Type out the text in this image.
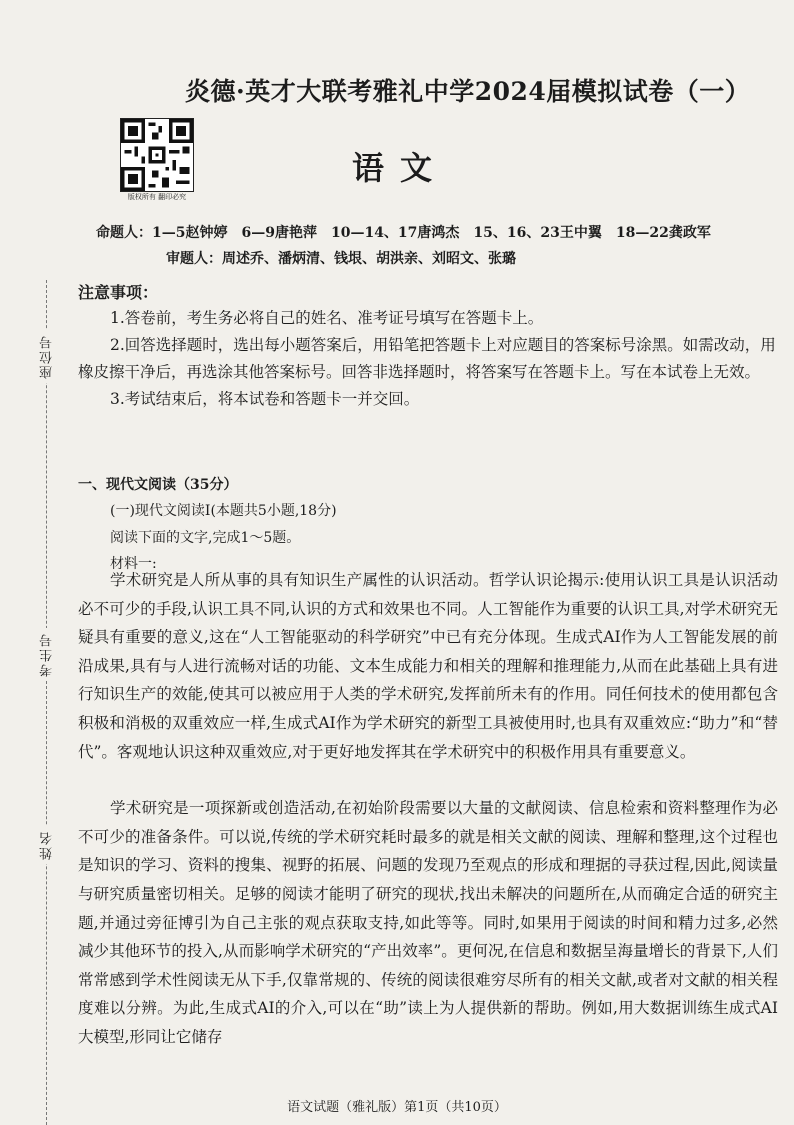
炎德·英才大联考雅礼中学2024届模拟试卷（一）
版权所有 翻印必究
语文
命题人：1—5赵钟婷　6—9唐艳萍　10—14、17唐鸿杰　15、16、23王中翼　18—22龚政军
审题人：周述乔、潘炳清、钱垠、胡洪亲、刘昭文、张璐
座位号
考生号
姓名
注意事项：

1.答卷前，考生务必将自己的姓名、准考证号填写在答题卡上。

2.回答选择题时，选出每小题答案后，用铅笔把答题卡上对应题目的答案标号涂黑。如需改动，用橡皮擦干净后，再选涂其他答案标号。回答非选择题时，将答案写在答题卡上。写在本试卷上无效。

3.考试结束后，将本试卷和答题卡一并交回。

一、现代文阅读（35分）
(一)现代文阅读Ⅰ(本题共5小题,18分)
阅读下面的文字,完成1～5题。
材料一:

学术研究是人所从事的具有知识生产属性的认识活动。哲学认识论揭示:使用认识工具是认识活动必不可少的手段,认识工具不同,认识的方式和效果也不同。人工智能作为重要的认识工具,对学术研究无疑具有重要的意义,这在“人工智能驱动的科学研究”中已有充分体现。生成式AI作为人工智能发展的前沿成果,具有与人进行流畅对话的功能、文本生成能力和相关的理解和推理能力,从而在此基础上具有进行知识生产的效能,使其可以被应用于人类的学术研究,发挥前所未有的作用。同任何技术的使用都包含积极和消极的双重效应一样,生成式AI作为学术研究的新型工具被使用时,也具有双重效应:“助力”和“替代”。客观地认识这种双重效应,对于更好地发挥其在学术研究中的积极作用具有重要意义。

学术研究是一项探新或创造活动,在初始阶段需要以大量的文献阅读、信息检索和资料整理作为必不可少的准备条件。可以说,传统的学术研究耗时最多的就是相关文献的阅读、理解和整理,这个过程也是知识的学习、资料的搜集、视野的拓展、问题的发现乃至观点的形成和理据的寻获过程,因此,阅读量与研究质量密切相关。足够的阅读才能明了研究的现状,找出未解决的问题所在,从而确定合适的研究主题,并通过旁征博引为自己主张的观点获取支持,如此等等。同时,如果用于阅读的时间和精力过多,必然减少其他环节的投入,从而影响学术研究的“产出效率”。更何况,在信息和数据呈海量增长的背景下,人们常常感到学术性阅读无从下手,仅靠常规的、传统的阅读很难穷尽所有的相关文献,或者对文献的相关程度难以分辨。为此,生成式AI的介入,可以在“助”读上为人提供新的帮助。例如,用大数据训练生成式AI大模型,形同让它储存

语文试题（雅礼版）第1页（共10页）
